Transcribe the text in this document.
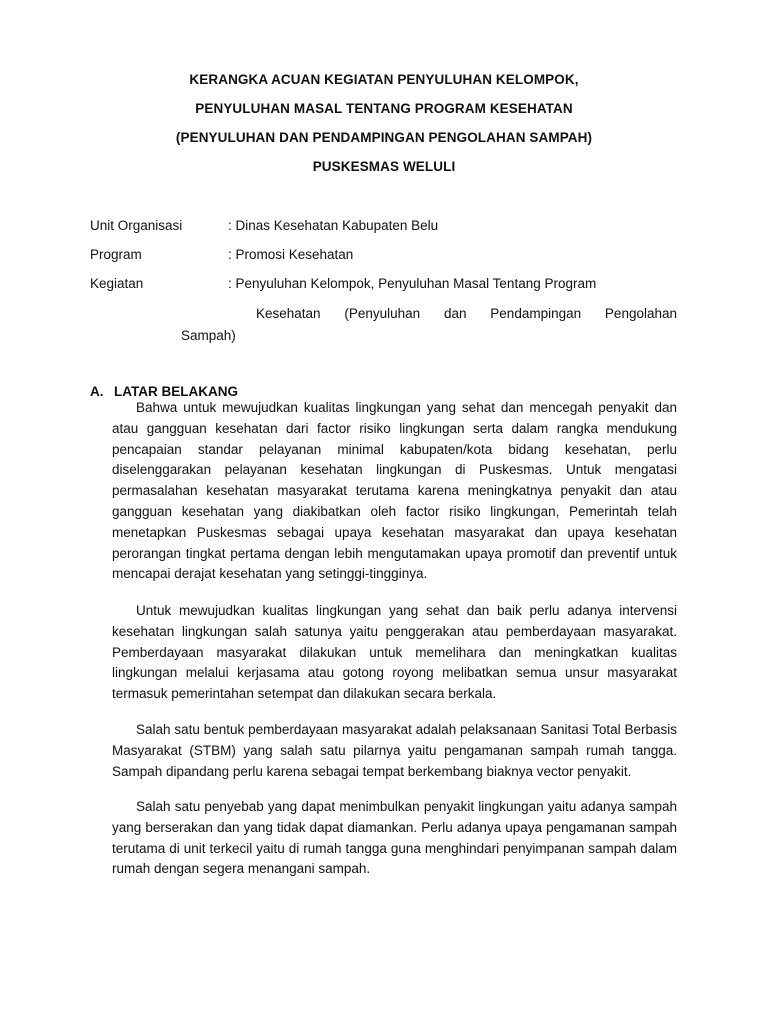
KERANGKA ACUAN KEGIATAN PENYULUHAN KELOMPOK,
PENYULUHAN MASAL TENTANG PROGRAM KESEHATAN
(PENYULUHAN DAN PENDAMPINGAN PENGOLAHAN SAMPAH)
PUSKESMAS WELULI
Unit Organisasi	: Dinas Kesehatan Kabupaten Belu
Program	: Promosi Kesehatan
Kegiatan	: Penyuluhan Kelompok, Penyuluhan Masal Tentang Program
Kesehatan (Penyuluhan dan Pendampingan Pengolahan
Sampah)
A. LATAR BELAKANG

Bahwa untuk mewujudkan kualitas lingkungan yang sehat dan mencegah penyakit dan atau gangguan kesehatan dari factor risiko lingkungan serta dalam rangka mendukung pencapaian standar pelayanan minimal kabupaten/kota bidang kesehatan, perlu diselenggarakan pelayanan kesehatan lingkungan di Puskesmas. Untuk mengatasi permasalahan kesehatan masyarakat terutama karena meningkatnya penyakit dan atau gangguan kesehatan yang diakibatkan oleh factor risiko lingkungan, Pemerintah telah menetapkan Puskesmas sebagai upaya kesehatan masyarakat dan upaya kesehatan perorangan tingkat pertama dengan lebih mengutamakan upaya promotif dan preventif untuk mencapai derajat kesehatan yang setinggi-tingginya.

Untuk mewujudkan kualitas lingkungan yang sehat dan baik perlu adanya intervensi kesehatan lingkungan salah satunya yaitu penggerakan atau pemberdayaan masyarakat. Pemberdayaan masyarakat dilakukan untuk memelihara dan meningkatkan kualitas lingkungan melalui kerjasama atau gotong royong melibatkan semua unsur masyarakat termasuk pemerintahan setempat dan dilakukan secara berkala.

Salah satu bentuk pemberdayaan masyarakat adalah pelaksanaan Sanitasi Total Berbasis Masyarakat (STBM) yang salah satu pilarnya yaitu pengamanan sampah rumah tangga. Sampah dipandang perlu karena sebagai tempat berkembang biaknya vector penyakit.

Salah satu penyebab yang dapat menimbulkan penyakit lingkungan yaitu adanya sampah yang berserakan dan yang tidak dapat diamankan. Perlu adanya upaya pengamanan sampah terutama di unit terkecil yaitu di rumah tangga guna menghindari penyimpanan sampah dalam rumah dengan segera menangani sampah.
